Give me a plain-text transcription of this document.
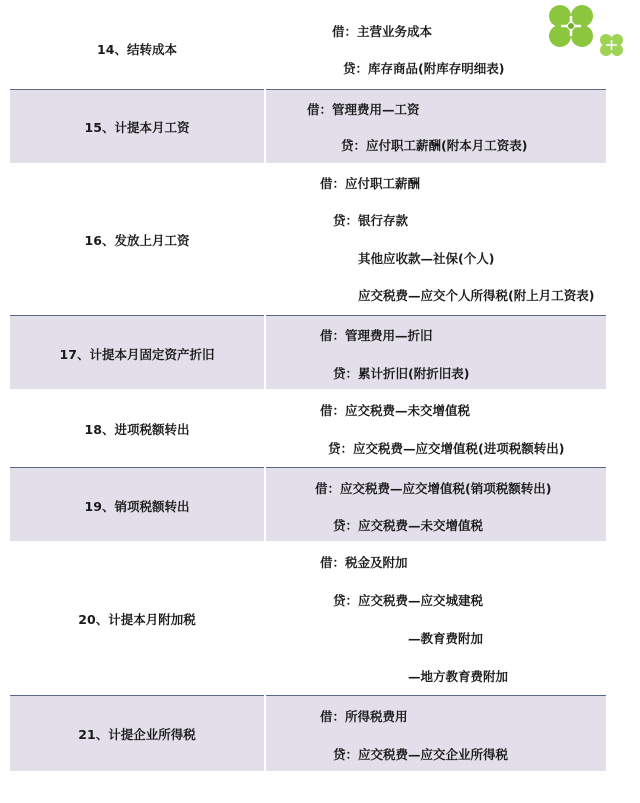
14、结转成本
借：主营业务成本
贷：库存商品(附库存明细表)
15、计提本月工资
借：管理费用—工资
贷：应付职工薪酬(附本月工资表)
16、发放上月工资
借：应付职工薪酬
贷：银行存款
其他应收款—社保(个人)
应交税费—应交个人所得税(附上月工资表)
17、计提本月固定资产折旧
借：管理费用—折旧
贷：累计折旧(附折旧表)
18、进项税额转出
借：应交税费—未交增值税
贷：应交税费—应交增值税(进项税额转出)
19、销项税额转出
借：应交税费—应交增值税(销项税额转出)
贷：应交税费—未交增值税
20、计提本月附加税
借：税金及附加
贷：应交税费—应交城建税
—教育费附加
—地方教育费附加
21、计提企业所得税
借：所得税费用
贷：应交税费—应交企业所得税
